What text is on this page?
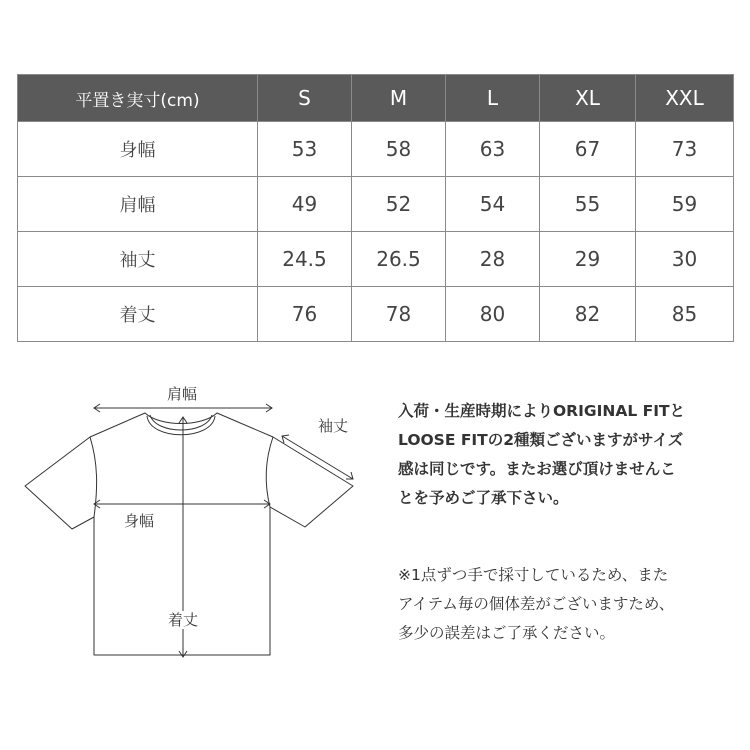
平置き実寸(cm)	S	M	L	XL	XXL
身幅	53	58	63	67	73
肩幅	49	52	54	55	59
袖丈	24.5	26.5	28	29	30
着丈	76	78	80	82	85
肩幅
袖丈
身幅
着丈

入荷・生産時期によりORIGINAL FITと

LOOSE FITの2種類ございますがサイズ

感は同じです。またお選び頂けませんこ

とを予めご了承下さい。

※1点ずつ手で採寸しているため、また

アイテム毎の個体差がございますため、

多少の誤差はご了承ください。
